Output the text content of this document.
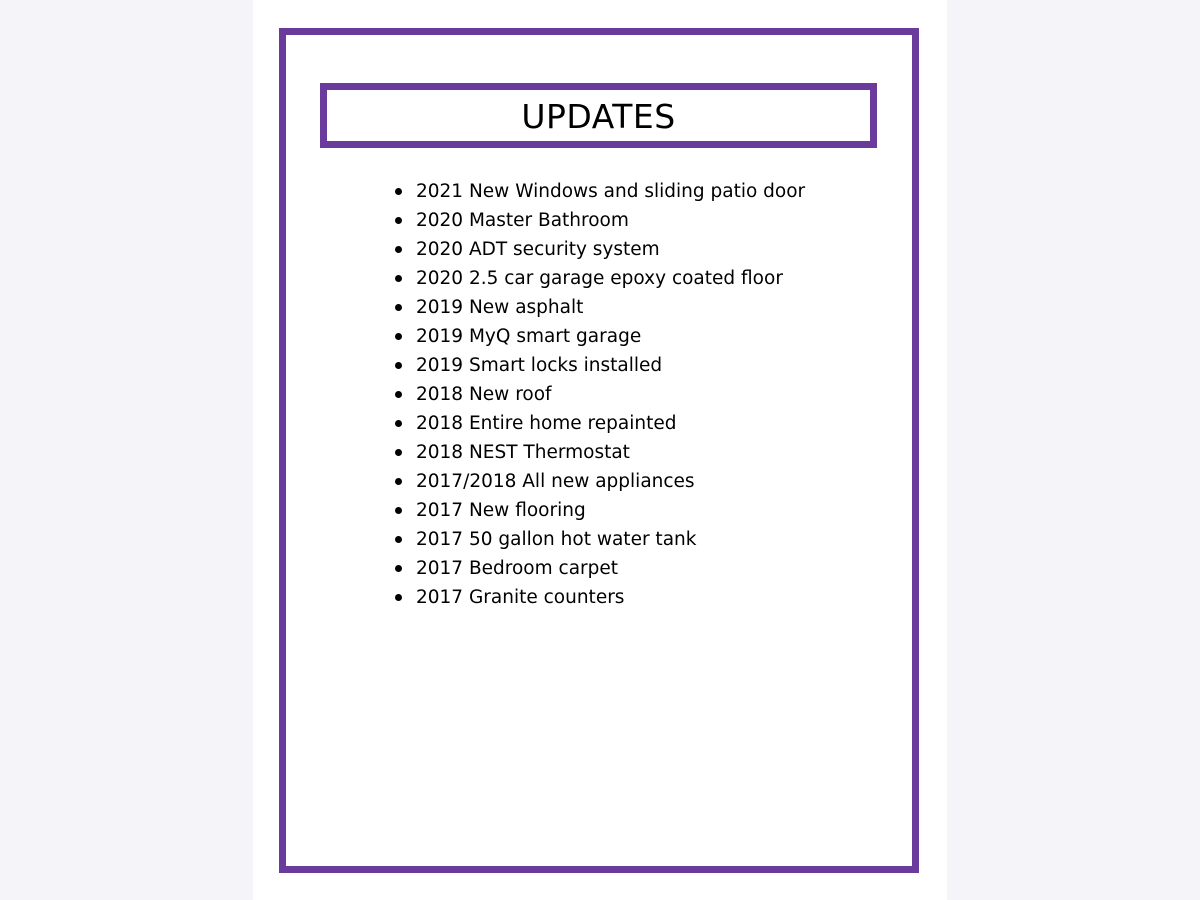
UPDATES
2021 New Windows and sliding patio door
2020 Master Bathroom
2020 ADT security system
2020 2.5 car garage epoxy coated floor
2019 New asphalt
2019 MyQ smart garage
2019 Smart locks installed
2018 New roof
2018 Entire home repainted
2018 NEST Thermostat
2017/2018 All new appliances
2017 New flooring
2017 50 gallon hot water tank
2017 Bedroom carpet
2017 Granite counters
